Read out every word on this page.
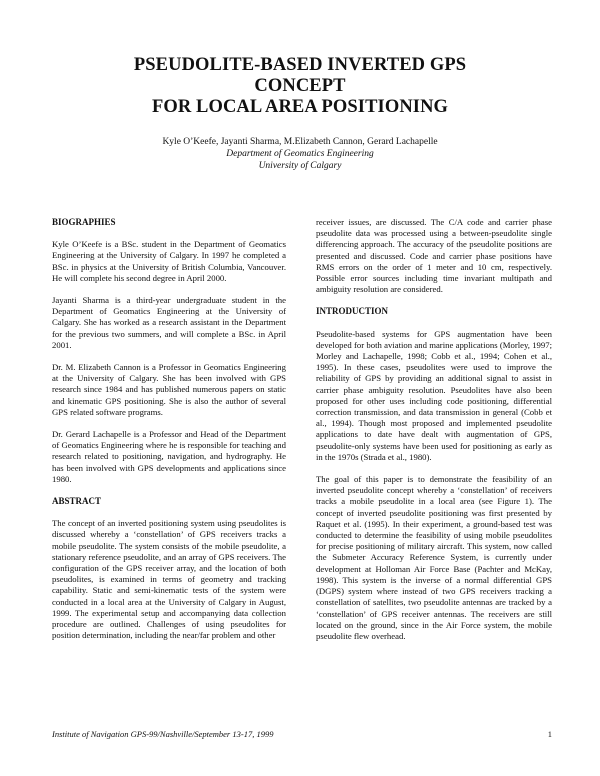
PSEUDOLITE-BASED INVERTED GPS
CONCEPT
FOR LOCAL AREA POSITIONING
Kyle O’Keefe, Jayanti Sharma, M.Elizabeth Cannon, Gerard Lachapelle
Department of Geomatics Engineering
University of Calgary
BIOGRAPHIES

Kyle O’Keefe is a BSc. student in the Department of Geomatics Engineering at the University of Calgary. In 1997 he completed a BSc. in physics at the University of British Columbia, Vancouver. He will complete his second degree in April 2000.

Jayanti Sharma is a third-year undergraduate student in the Department of Geomatics Engineering at the University of Calgary. She has worked as a research assistant in the Department for the previous two summers, and will complete a BSc. in April 2001.

Dr. M. Elizabeth Cannon is a Professor in Geomatics Engineering at the University of Calgary. She has been involved with GPS research since 1984 and has published numerous papers on static and kinematic GPS positioning. She is also the author of several GPS related software programs.

Dr. Gerard Lachapelle is a Professor and Head of the Department of Geomatics Engineering where he is responsible for teaching and research related to positioning, navigation, and hydrography. He has been involved with GPS developments and applications since 1980.

ABSTRACT

The concept of an inverted positioning system using pseudolites is discussed whereby a ‘constellation’ of GPS receivers tracks a mobile pseudolite. The system consists of the mobile pseudolite, a stationary reference pseudolite, and an array of GPS receivers. The configuration of the GPS receiver array, and the location of both pseudolites, is examined in terms of geometry and tracking capability. Static and semi-kinematic tests of the system were conducted in a local area at the University of Calgary in August, 1999. The experimental setup and accompanying data collection procedure are outlined. Challenges of using pseudolites for position determination, including the near/far problem and other

receiver issues, are discussed. The C/A code and carrier phase pseudolite data was processed using a between-pseudolite single differencing approach. The accuracy of the pseudolite positions are presented and discussed. Code and carrier phase positions have RMS errors on the order of 1 meter and 10 cm, respectively. Possible error sources including time invariant multipath and ambiguity resolution are considered.

INTRODUCTION

Pseudolite-based systems for GPS augmentation have been developed for both aviation and marine applications (Morley, 1997; Morley and Lachapelle, 1998; Cobb et al., 1994; Cohen et al., 1995). In these cases, pseudolites were used to improve the reliability of GPS by providing an additional signal to assist in carrier phase ambiguity resolution. Pseudolites have also been proposed for other uses including code positioning, differential correction transmission, and data transmission in general (Cobb et al., 1994). Though most proposed and implemented pseudolite applications to date have dealt with augmentation of GPS, pseudolite-only systems have been used for positioning as early as in the 1970s (Strada et al., 1980).

The goal of this paper is to demonstrate the feasibility of an inverted pseudolite concept whereby a ‘constellation’ of receivers tracks a mobile pseudolite in a local area (see Figure 1). The concept of inverted pseudolite positioning was first presented by Raquet et al. (1995). In their experiment, a ground-based test was conducted to determine the feasibility of using mobile pseudolites for precise positioning of military aircraft. This system, now called the Submeter Accuracy Reference System, is currently under development at Holloman Air Force Base (Pachter and McKay, 1998). This system is the inverse of a normal differential GPS (DGPS) system where instead of two GPS receivers tracking a constellation of satellites, two pseudolite antennas are tracked by a ‘constellation’ of GPS receiver antennas. The receivers are still located on the ground, since in the Air Force system, the mobile pseudolite flew overhead.

Institute of Navigation GPS-99/Nashville/September 13-17, 1999	1
